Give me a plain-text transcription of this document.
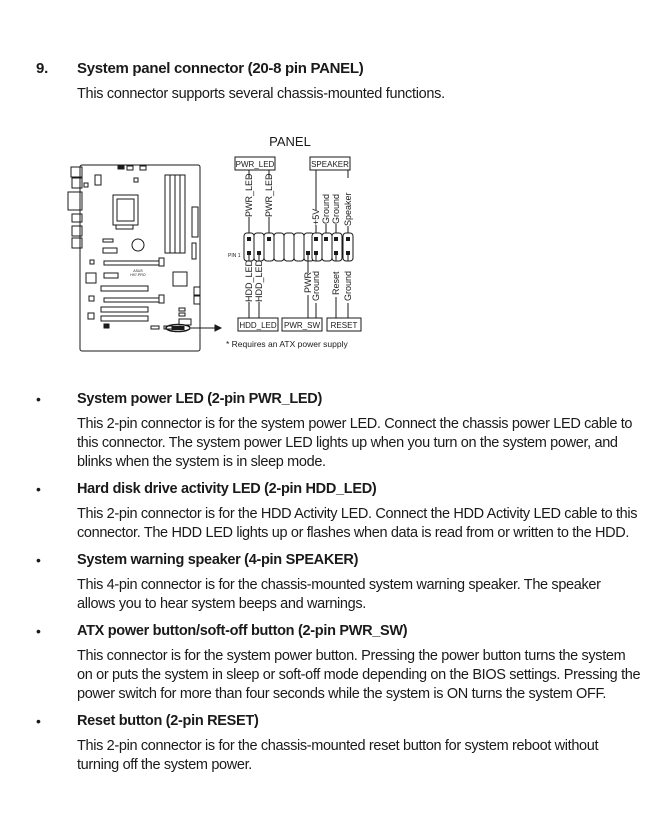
9. System panel connector (20-8 pin PANEL)
This connector supports several chassis-mounted functions.
PANEL
ASUS
H97-PRO
PWR_LED	SPEAKER
PWR_LED PWR_LED	+5V Ground Ground Speaker
PIN 1
HDD_LED HDD_LED	PWR
Ground Reset Ground
HDD_LED PWR_SW RESET
* Requires an ATX power supply
• System power LED (2-pin PWR_LED)
This 2-pin connector is for the system power LED. Connect the chassis power LED cable to this connector. The system power LED lights up when you turn on the system power, and blinks when the system is in sleep mode.
• Hard disk drive activity LED (2-pin HDD_LED)
This 2-pin connector is for the HDD Activity LED. Connect the HDD Activity LED cable to this connector. The HDD LED lights up or flashes when data is read from or written to the HDD.
• System warning speaker (4-pin SPEAKER)
This 4-pin connector is for the chassis-mounted system warning speaker. The speaker allows you to hear system beeps and warnings.
• ATX power button/soft-off button (2-pin PWR_SW)
This connector is for the system power button. Pressing the power button turns the system on or puts the system in sleep or soft-off mode depending on the BIOS settings. Pressing the power switch for more than four seconds while the system is ON turns the system OFF.
• Reset button (2-pin RESET)
This 2-pin connector is for the chassis-mounted reset button for system reboot without turning off the system power.
